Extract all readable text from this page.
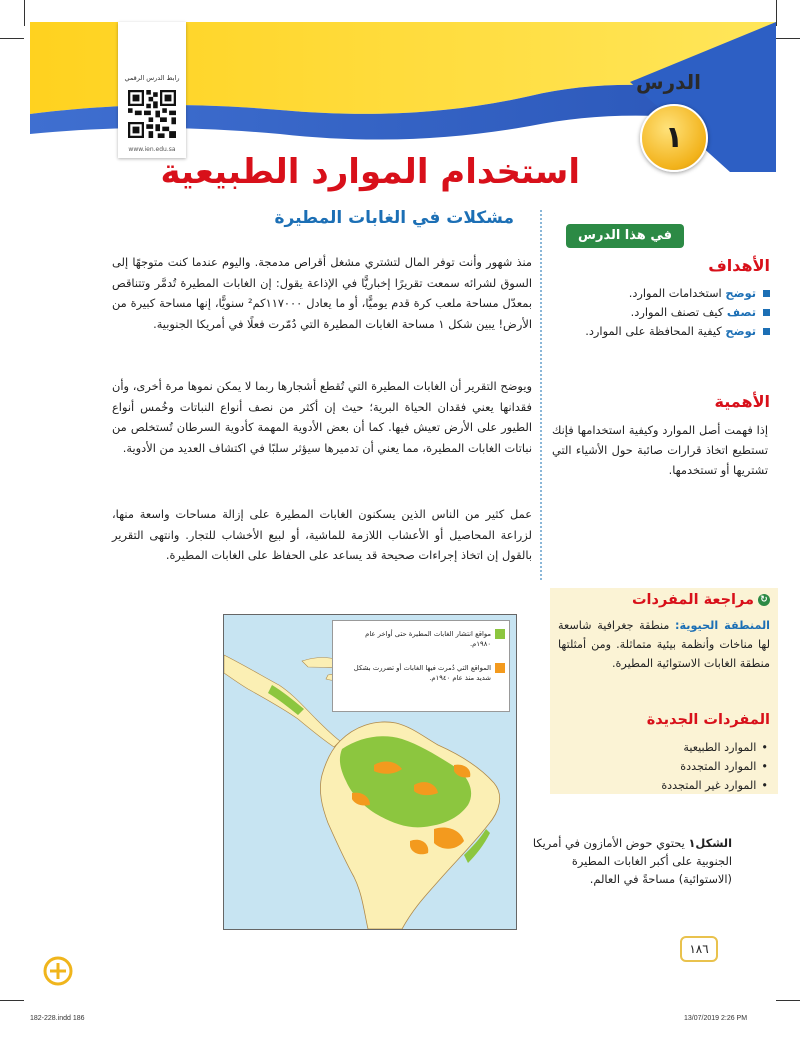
رابط الدرس الرقمي
www.ien.edu.sa
الدرس
١
استخدام الموارد الطبيعية
مشكلات في الغابات المطيرة
منذ شهور وأنت توفر المال لتشتري مشغل أقراص مدمجة. واليوم عندما كنت متوجهًا إلى السوق لشرائه سمعت تقريرًا إخباريًّا في الإذاعة يقول: إن الغابات المطيرة تُدمَّر وتتناقص بمعدّل مساحة ملعب كرة قدم يوميًّا، أو ما يعادل ١١٧٠٠٠كم² سنويًّا، إنها مساحة كبيرة من الأرض! يبين شكل ١ مساحة الغابات المطيرة التي دُمّرت فعلًا في أمريكا الجنوبية.
ويوضح التقرير أن الغابات المطيرة التي تُقطع أشجارها ربما لا يمكن نموها مرة أخرى، وأن فقدانها يعني فقدان الحياة البرية؛ حيث إن أكثر من نصف أنواع النباتات وخُمس أنواع الطيور على الأرض تعيش فيها. كما أن بعض الأدوية المهمة كأدوية السرطان تُستخلص من نباتات الغابات المطيرة، مما يعني أن تدميرها سيؤثر سلبًا في اكتشاف العديد من الأدوية.
عمل كثير من الناس الذين يسكنون الغابات المطيرة على إزالة مساحات واسعة منها، لزراعة المحاصيل أو الأعشاب اللازمة للماشية، أو لبيع الأخشاب للتجار. وانتهى التقرير بالقول إن اتخاذ إجراءات صحيحة قد يساعد على الحفاظ على الغابات المطيرة.
في هذا الدرس
الأهداف
توضح استخدامات الموارد.
تصف كيف تصنف الموارد.
توضح كيفية المحافظة على الموارد.
الأهمية
إذا فهمت أصل الموارد وكيفية استخدامها فإنك تستطيع اتخاذ قرارات صائبة حول الأشياء التي تشتريها أو تستخدمها.
↻مراجعة المفردات
المنطقة الحيوية: منطقة جغرافية شاسعة لها مناخات وأنظمة بيئية متماثلة. ومن أمثلتها منطقة الغابات الاستوائية المطيرة.
المفردات الجديدة
• الموارد الطبيعية
• الموارد المتجددة
• الموارد غير المتجددة
مواقع انتشار الغابات المطيرة حتى أواخر عام ١٩٨٠م.
المواقع التي دُمرت فيها الغابات أو تضررت بشكل شديد منذ عام ١٩٤٠م.
الشكل١ يحتوي حوض الأمازون في أمريكا الجنوبية على أكبر الغابات المطيرة (الاستوائية) مساحةً في العالم.
١٨٦
182-228.indd 186	13/07/2019 2:26 PM
